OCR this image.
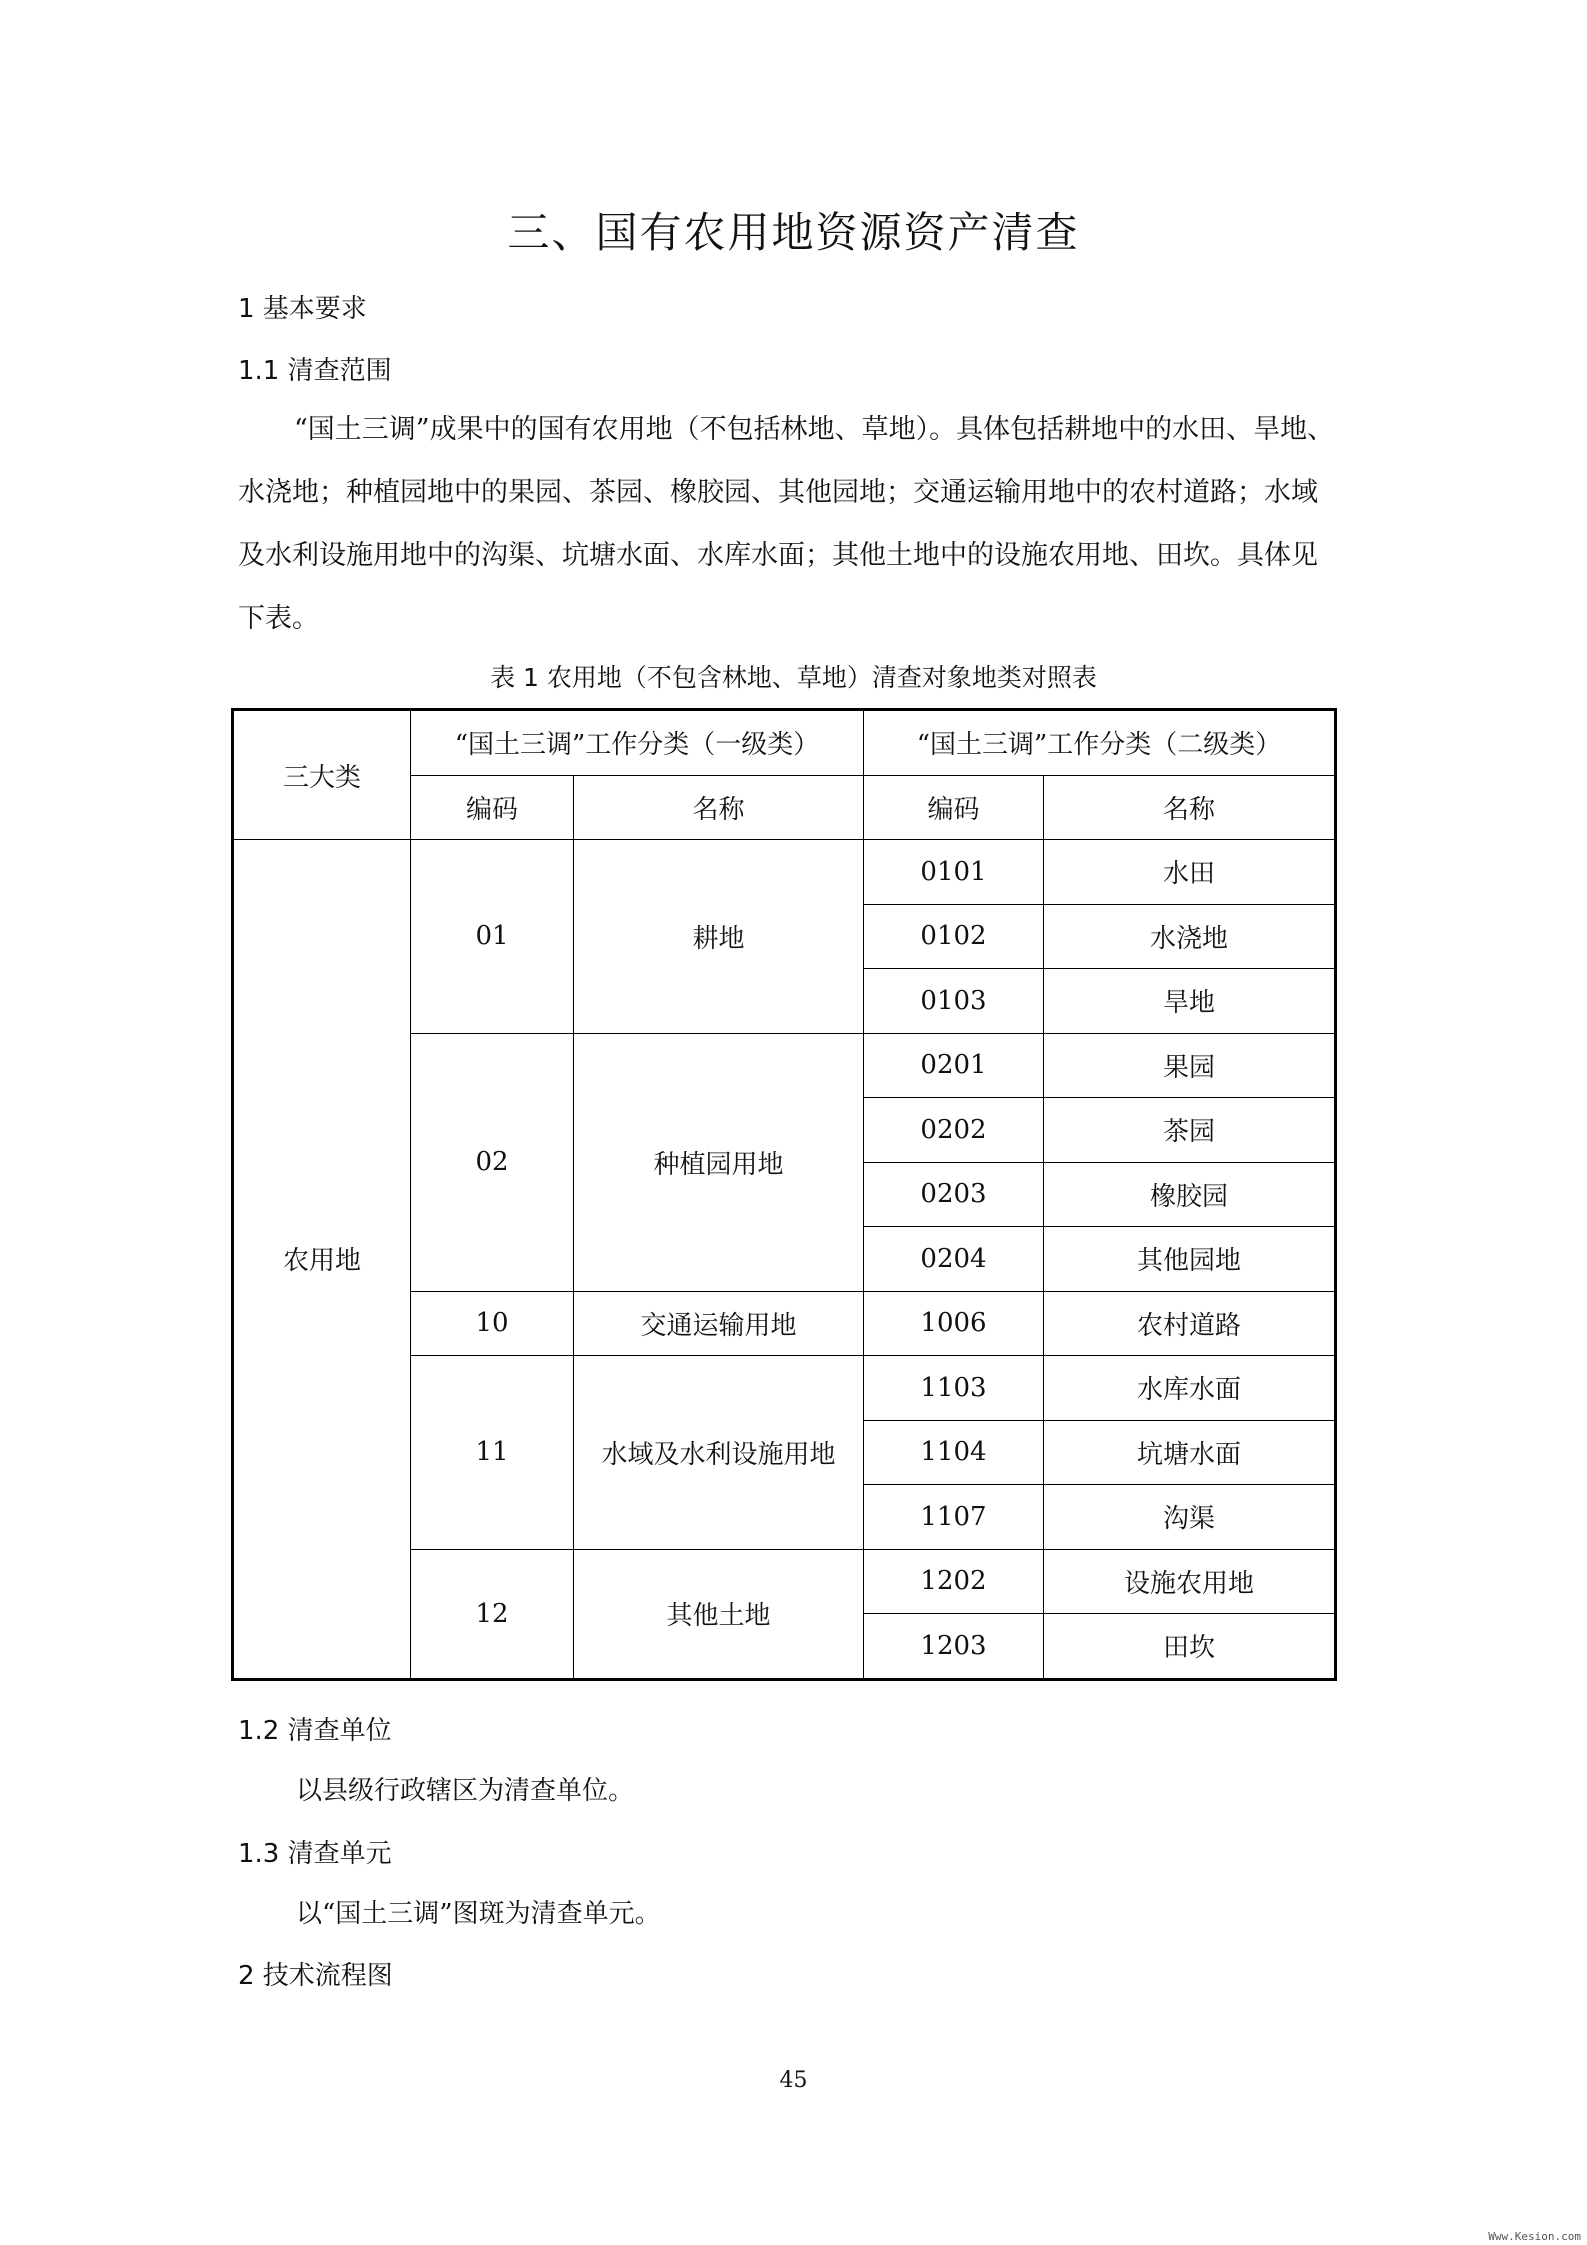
三、国有农用地资源资产清查
1 基本要求
1.1 清查范围
“国土三调”成果中的国有农用地（不包括林地、草地）。具体包括耕地中的水田、旱地、
水浇地；种植园地中的果园、茶园、橡胶园、其他园地；交通运输用地中的农村道路；水域
及水利设施用地中的沟渠、坑塘水面、水库水面；其他土地中的设施农用地、田坎。具体见
下表。
表 1 农用地（不包含林地、草地）清查对象地类对照表
三大类	“国土三调”工作分类（一级类）		“国土三调”工作分类（二级类）	
	编码	名称	编码	名称
农用地	01	耕地	0101	水田
			0102	水浇地
			0103	旱地
	02	种植园用地	0201	果园
			0202	茶园
			0203	橡胶园
			0204	其他园地
	10	交通运输用地	1006	农村道路
	11	水域及水利设施用地	1103	水库水面
			1104	坑塘水面
			1107	沟渠
	12	其他土地	1202	设施农用地
			1203	田坎
1.2 清查单位
以县级行政辖区为清查单位。
1.3 清查单元
以“国土三调”图斑为清查单元。
2 技术流程图
45
Www.Kesion.com
